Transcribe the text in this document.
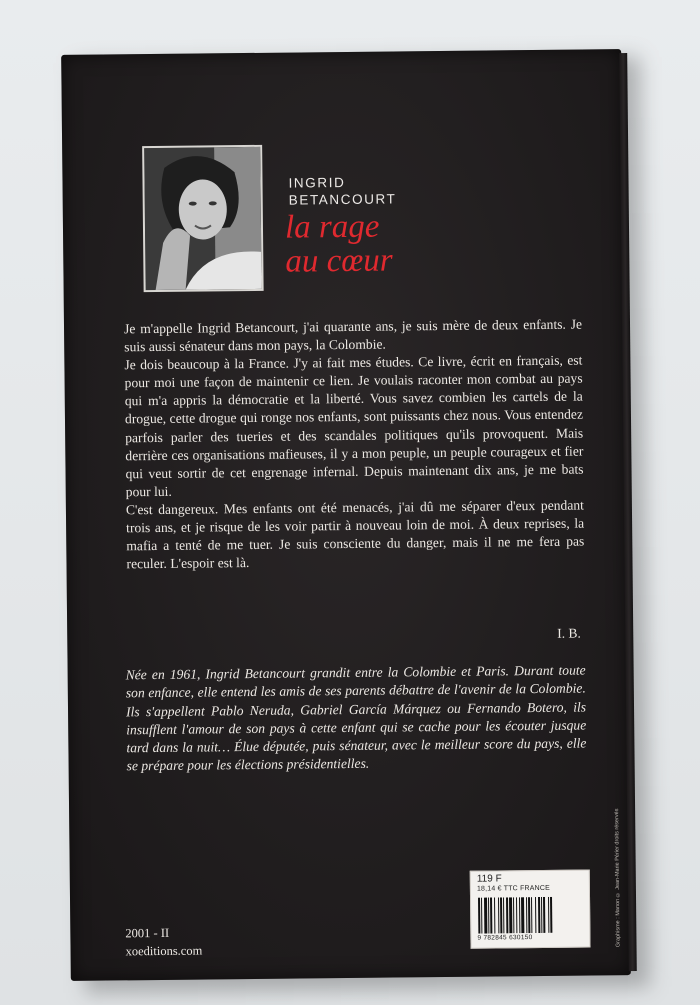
INGRID
BETANCOURT
la rage
au cœur

Je m'appelle Ingrid Betancourt, j'ai quarante ans, je suis mère de deux enfants. Je suis aussi sénateur dans mon pays, la Colombie.

Je dois beaucoup à la France. J'y ai fait mes études. Ce livre, écrit en français, est pour moi une façon de maintenir ce lien. Je voulais raconter mon combat au pays qui m'a appris la démocratie et la liberté. Vous savez combien les cartels de la drogue, cette drogue qui ronge nos enfants, sont puissants chez nous. Vous entendez parfois parler des tueries et des scandales politiques qu'ils provoquent. Mais derrière ces organisations mafieuses, il y a mon peuple, un peuple courageux et fier qui veut sortir de cet engrenage infernal. Depuis maintenant dix ans, je me bats pour lui.

C'est dangereux. Mes enfants ont été menacés, j'ai dû me séparer d'eux pendant trois ans, et je risque de les voir partir à nouveau loin de moi. À deux reprises, la mafia a tenté de me tuer. Je suis consciente du danger, mais il ne me fera pas reculer. L'espoir est là.

I. B.
Née en 1961, Ingrid Betancourt grandit entre la Colombie et Paris. Durant toute son enfance, elle entend les amis de ses parents débattre de l'avenir de la Colombie. Ils s'appellent Pablo Neruda, Gabriel García Márquez ou Fernando Botero, ils insufflent l'amour de son pays à cette enfant qui se cache pour les écouter jusque tard dans la nuit… Élue députée, puis sénateur, avec le meilleur score du pays, elle se prépare pour les élections présidentielles.
2001 - II
xoeditions.com
119 F
18,14 € TTC FRANCE
9 782845 630150	Graphisme : Manon © Jean-Marie Périer droits réservés
